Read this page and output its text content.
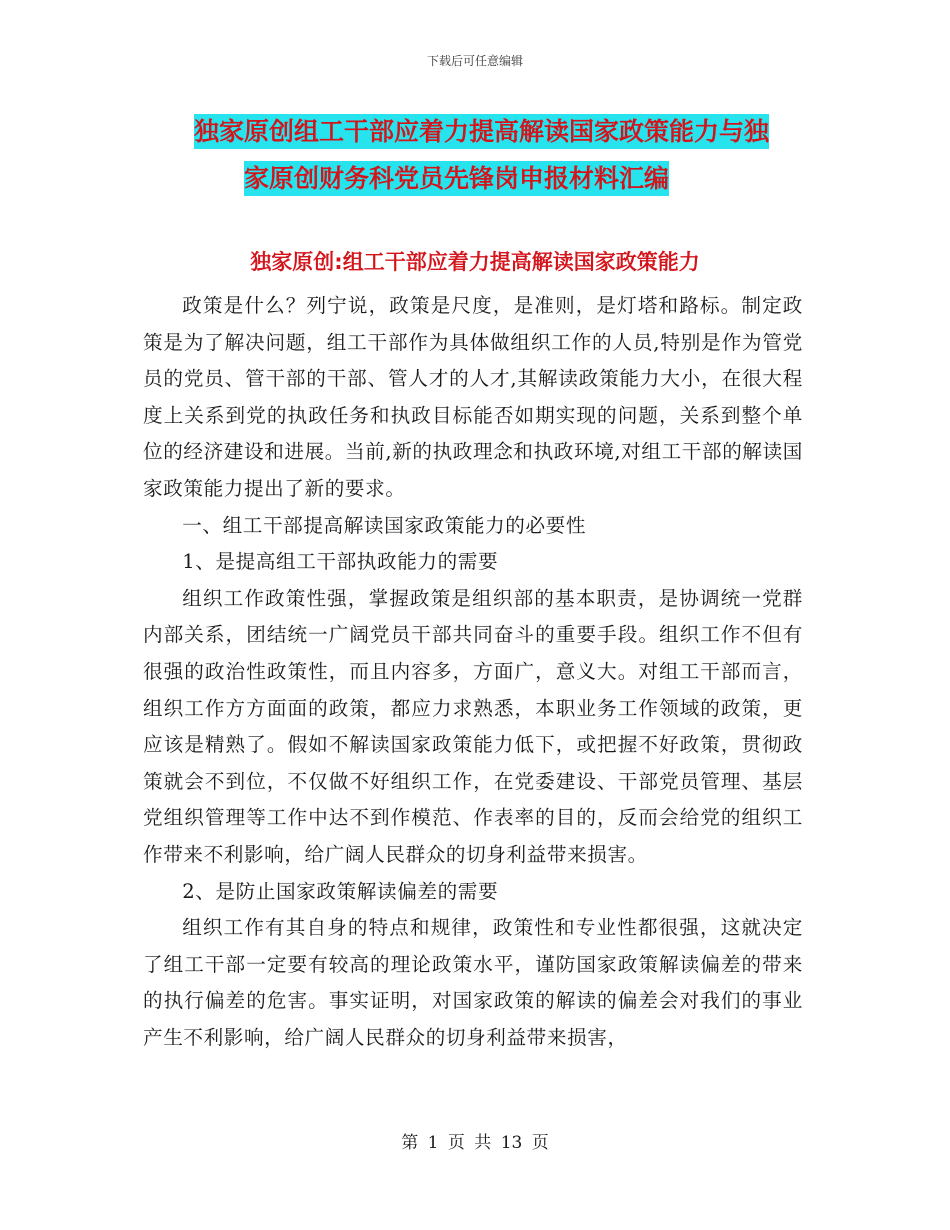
下载后可任意编辑
独家原创组工干部应着力提高解读国家政策能力与独
家原创财务科党员先锋岗申报材料汇编
独家原创:组工干部应着力提高解读国家政策能力

政策是什么？列宁说，政策是尺度，是准则，是灯塔和路标。制定政策是为了解决问题，组工干部作为具体做组织工作的人员,特别是作为管党员的党员、管干部的干部、管人才的人才,其解读政策能力大小，在很大程度上关系到党的执政任务和执政目标能否如期实现的问题，关系到整个单位的经济建设和进展。当前,新的执政理念和执政环境,对组工干部的解读国家政策能力提出了新的要求。

一、组工干部提高解读国家政策能力的必要性

1、是提高组工干部执政能力的需要

组织工作政策性强，掌握政策是组织部的基本职责，是协调统一党群内部关系，团结统一广阔党员干部共同奋斗的重要手段。组织工作不但有很强的政治性政策性，而且内容多，方面广，意义大。对组工干部而言，组织工作方方面面的政策，都应力求熟悉，本职业务工作领域的政策，更应该是精熟了。假如不解读国家政策能力低下，或把握不好政策，贯彻政策就会不到位，不仅做不好组织工作，在党委建设、干部党员管理、基层党组织管理等工作中达不到作模范、作表率的目的，反而会给党的组织工作带来不利影响，给广阔人民群众的切身利益带来损害。

2、是防止国家政策解读偏差的需要

组织工作有其自身的特点和规律，政策性和专业性都很强，这就决定了组工干部一定要有较高的理论政策水平，谨防国家政策解读偏差的带来的执行偏差的危害。事实证明，对国家政策的解读的偏差会对我们的事业产生不利影响，给广阔人民群众的切身利益带来损害，

第 1 页 共 13 页
